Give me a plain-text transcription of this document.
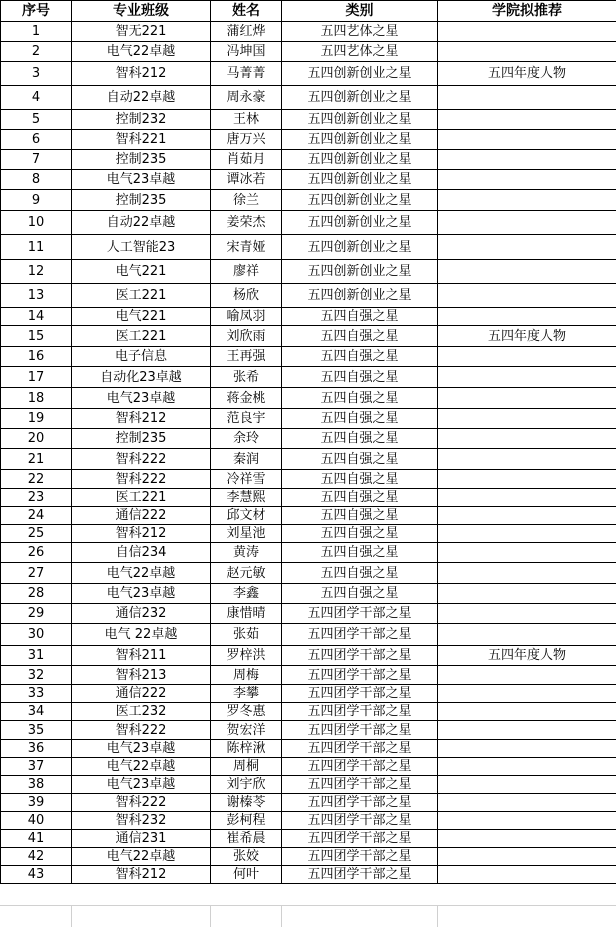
序号	专业班级	姓名	类别	学院拟推荐
1	智无221	蒲红烨	五四艺体之星	
2	电气22卓越	冯坤国	五四艺体之星	
3	智科212	马菁菁	五四创新创业之星	五四年度人物
4	自动22卓越	周永豪	五四创新创业之星	
5	控制232	王林	五四创新创业之星	
6	智科221	唐万兴	五四创新创业之星	
7	控制235	肖茹月	五四创新创业之星	
8	电气23卓越	谭冰若	五四创新创业之星	
9	控制235	徐兰	五四创新创业之星	
10	自动22卓越	姜荣杰	五四创新创业之星	
11	人工智能23	宋青娅	五四创新创业之星	
12	电气221	廖祥	五四创新创业之星	
13	医工221	杨欣	五四创新创业之星	
14	电气221	喻凤羽	五四自强之星	
15	医工221	刘欣雨	五四自强之星	五四年度人物
16	电子信息	王再强	五四自强之星	
17	自动化23卓越	张希	五四自强之星	
18	电气23卓越	蒋金桃	五四自强之星	
19	智科212	范良宇	五四自强之星	
20	控制235	余玲	五四自强之星	
21	智科222	秦润	五四自强之星	
22	智科222	冷祥雪	五四自强之星	
23	医工221	李慧熙	五四自强之星	
24	通信222	邱文材	五四自强之星	
25	智科212	刘星池	五四自强之星	
26	自信234	黄涛	五四自强之星	
27	电气22卓越	赵元敏	五四自强之星	
28	电气23卓越	李鑫	五四自强之星	
29	通信232	康惜晴	五四团学干部之星	
30	电气 22卓越	张茹	五四团学干部之星	
31	智科211	罗梓洪	五四团学干部之星	五四年度人物
32	智科213	周梅	五四团学干部之星	
33	通信222	李攀	五四团学干部之星	
34	医工232	罗冬惠	五四团学干部之星	
35	智科222	贺宏洋	五四团学干部之星	
36	电气23卓越	陈梓湫	五四团学干部之星	
37	电气22卓越	周桐	五四团学干部之星	
38	电气23卓越	刘宇欣	五四团学干部之星	
39	智科222	谢榛苓	五四团学干部之星	
40	智科232	彭柯程	五四团学干部之星	
41	通信231	崔希晨	五四团学干部之星	
42	电气22卓越	张姣	五四团学干部之星	
43	智科212	何叶	五四团学干部之星	
